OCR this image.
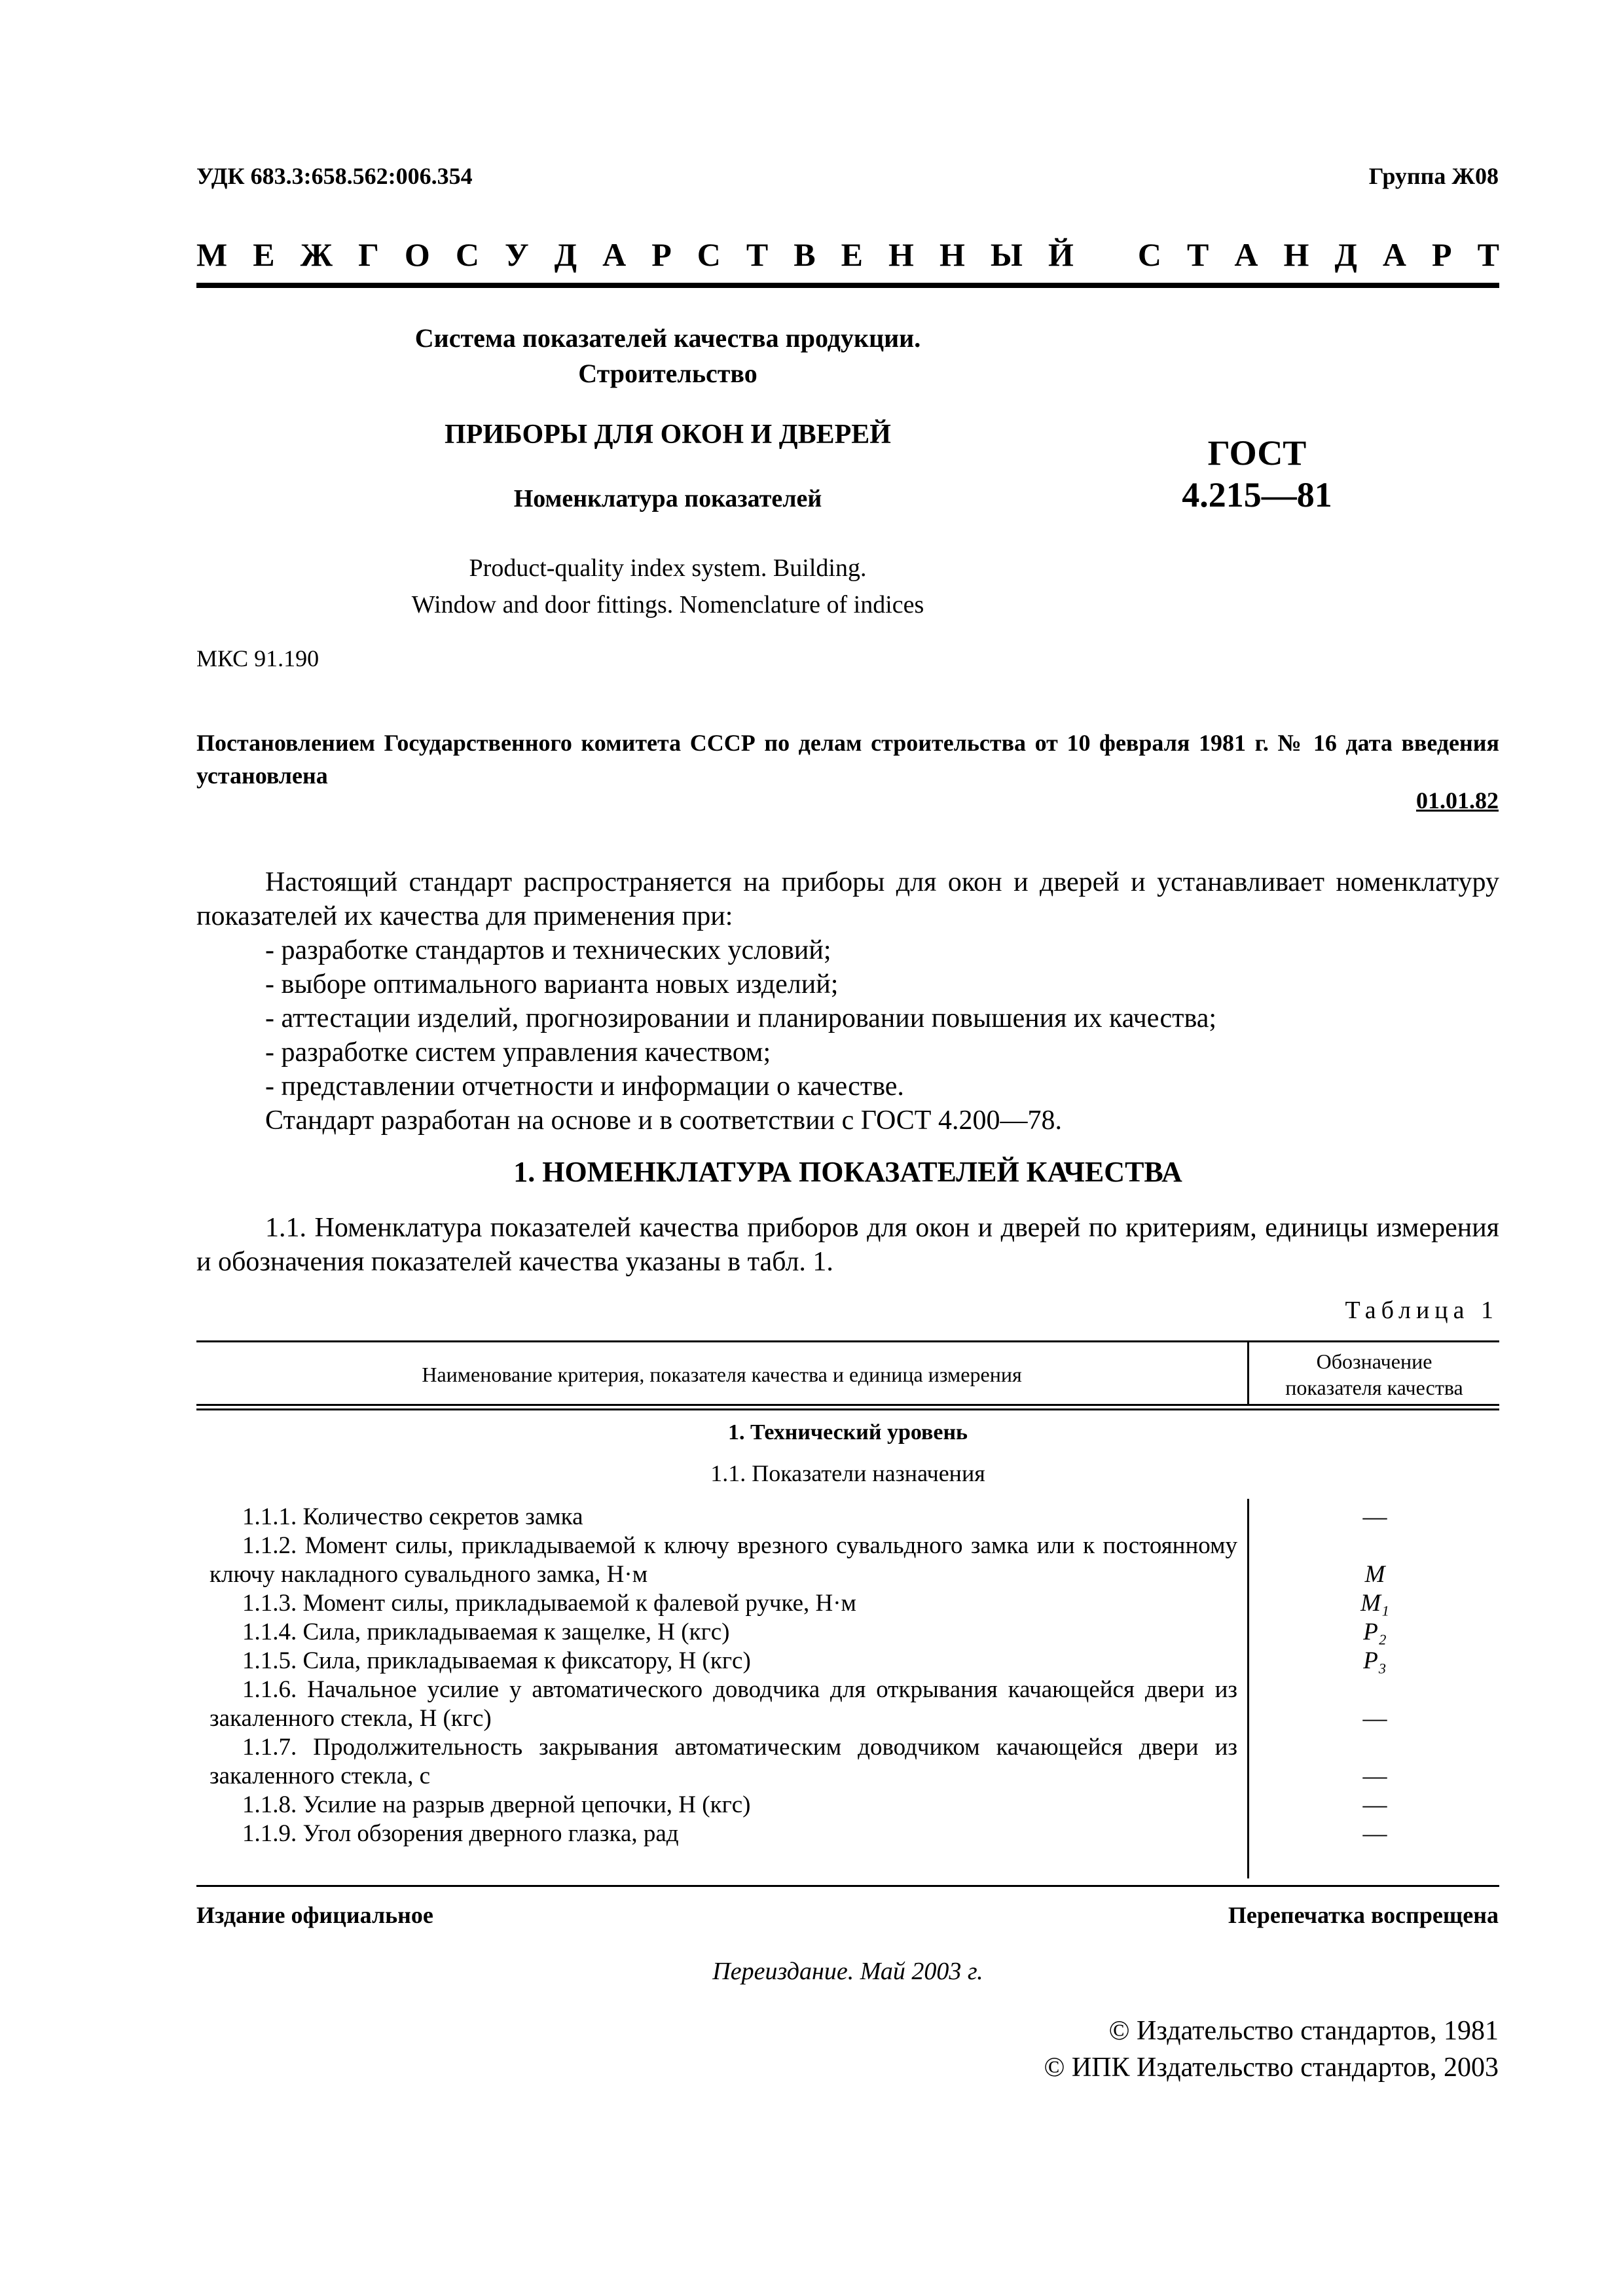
УДК 683.3:658.562:006.354	Группа Ж08
М Е Ж Г О С У Д А Р С Т В Е Н Н Ы Й С Т А Н Д А Р Т
Система показателей качества продукции.
Строительство
ПРИБОРЫ ДЛЯ ОКОН И ДВЕРЕЙ
Номенклатура показателей
Product-quality index system. Building.
Window and door fittings. Nomenclature of indices
ГОСТ
4.215—81
МКС 91.190
Постановлением Государственного комитета СССР по делам строительства от 10 февраля 1981 г. № 16 дата введения установлена
01.01.82

Настоящий стандарт распространяется на приборы для окон и дверей и устанавливает номенклатуру показателей их качества для применения при:

- разработке стандартов и технических условий;

- выборе оптимального варианта новых изделий;

- аттестации изделий, прогнозировании и планировании повышения их качества;

- разработке систем управления качеством;

- представлении отчетности и информации о качестве.

Стандарт разработан на основе и в соответствии с ГОСТ 4.200—78.

1. НОМЕНКЛАТУРА ПОКАЗАТЕЛЕЙ КАЧЕСТВА
1.1. Номенклатура показателей качества приборов для окон и дверей по критериям, единицы измерения и обозначения показателей качества указаны в табл. 1.
Таблица 1
Наименование критерия, показателя качества и единица измерения
Обозначение
показателя качества
1. Технический уровень
1.1. Показатели назначения
1.1.1. Количество секретов замка
1.1.2. Момент силы, прикладываемой к ключу врезного сувальдного замка или к постоянному ключу накладного сувальдного замка, Н·м
1.1.3. Момент силы, прикладываемой к фалевой ручке, Н·м
1.1.4. Сила, прикладываемая к защелке, Н (кгс)
1.1.5. Сила, прикладываемая к фиксатору, Н (кгс)
1.1.6. Начальное усилие у автоматического доводчика для открывания качающейся двери из закаленного стекла, Н (кгс)
1.1.7. Продолжительность закрывания автоматическим доводчиком качающейся двери из закаленного стекла, с
1.1.8. Усилие на разрыв дверной цепочки, Н (кгс)
1.1.9. Угол обзорения дверного глазка, рад
—
M
M₁
P₂
P₃
—
—
—
—
Издание официальное	Перепечатка воспрещена
Переиздание. Май 2003 г.
© Издательство стандартов, 1981
© ИПК Издательство стандартов, 2003
